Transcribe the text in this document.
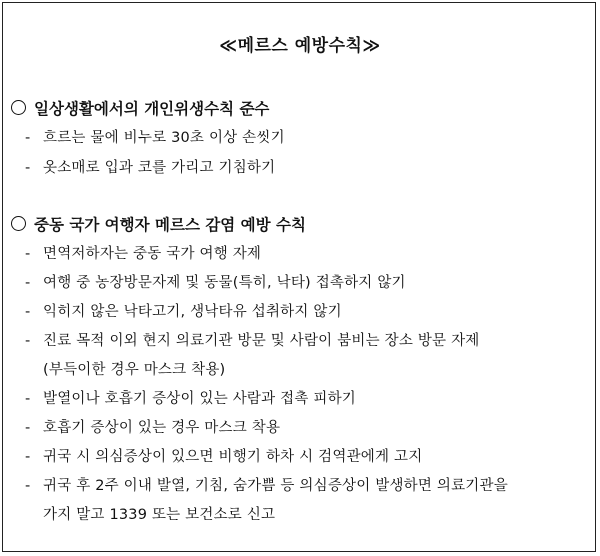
≪메르스 예방수칙≫
일상생활에서의 개인위생수칙 준수
- 흐르는 물에 비누로 30초 이상 손씻기
- 옷소매로 입과 코를 가리고 기침하기
중동 국가 여행자 메르스 감염 예방 수칙
- 면역저하자는 중동 국가 여행 자제
- 여행 중 농장방문자제 및 동물(특히, 낙타) 접촉하지 않기
- 익히지 않은 낙타고기, 생낙타유 섭취하지 않기
- 진료 목적 이외 현지 의료기관 방문 및 사람이 붐비는 장소 방문 자제
(부득이한 경우 마스크 착용)
- 발열이나 호흡기 증상이 있는 사람과 접촉 피하기
- 호흡기 증상이 있는 경우 마스크 착용
- 귀국 시 의심증상이 있으면 비행기 하차 시 검역관에게 고지
- 귀국 후 2주 이내 발열, 기침, 숨가쁨 등 의심증상이 발생하면 의료기관을
가지 말고 1339 또는 보건소로 신고
